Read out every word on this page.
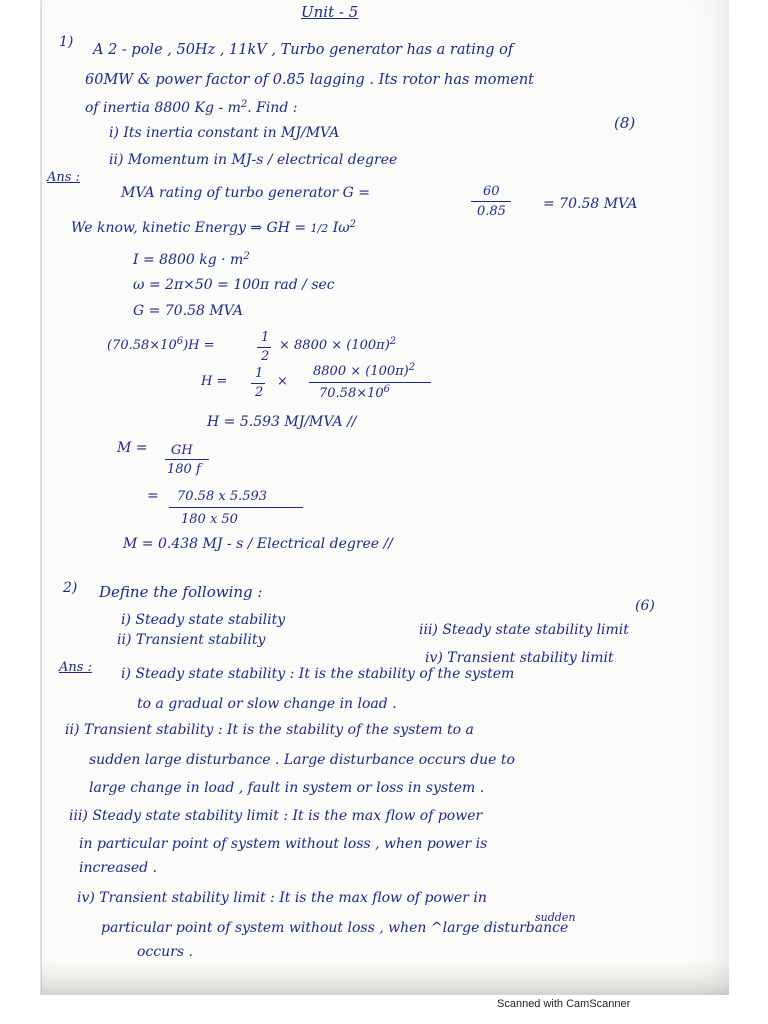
Unit - 5
1) A 2 - pole , 50Hz , 11kV , Turbo generator has a rating of
60MW & power factor of 0.85 lagging . Its rotor has moment
of inertia 8800 Kg - $m^2$. Find :
(8)
i) Its inertia constant in MJ/MVA
ii) Momentum in MJ-s / electrical degree
Ans :
MVA rating of turbo generator G =	60
0.85	= 70.58 MVA
We know, kinetic Energy ⇒ GH = 1/2 $I\omega^2$
I = 8800 kg · $m^2$
ω = 2π×50 = 100π rad / sec
G = 70.58 MVA
$(70.58\times 10^6)H$ =
1
2
× $8800 \times (100\pi)^2$
H =
1
2
×
$8800 \times (100\pi)^2$
$70.58\times 10^6$
H = 5.593 MJ/MVA //
M = GH
180 f
= 70.58 x 5.593
180 x 50
M = 0.438 MJ - s / Electrical degree //
2) Define the following :
(6)
i) Steady state stability
ii) Transient stability
iii) Steady state stability limit
iv) Transient stability limit
Ans : i) Steady state stability : It is the stability of the system
to a gradual or slow change in load .
ii) Transient stability : It is the stability of the system to a
sudden large disturbance . Large disturbance occurs due to
large change in load , fault in system or loss in system .
iii) Steady state stability limit : It is the max flow of power
in particular point of system without loss , when power is
increased .
iv) Transient stability limit : It is the max flow of power in
sudden
particular point of system without loss , when ^large disturbance
occurs .
Scanned with CamScanner
